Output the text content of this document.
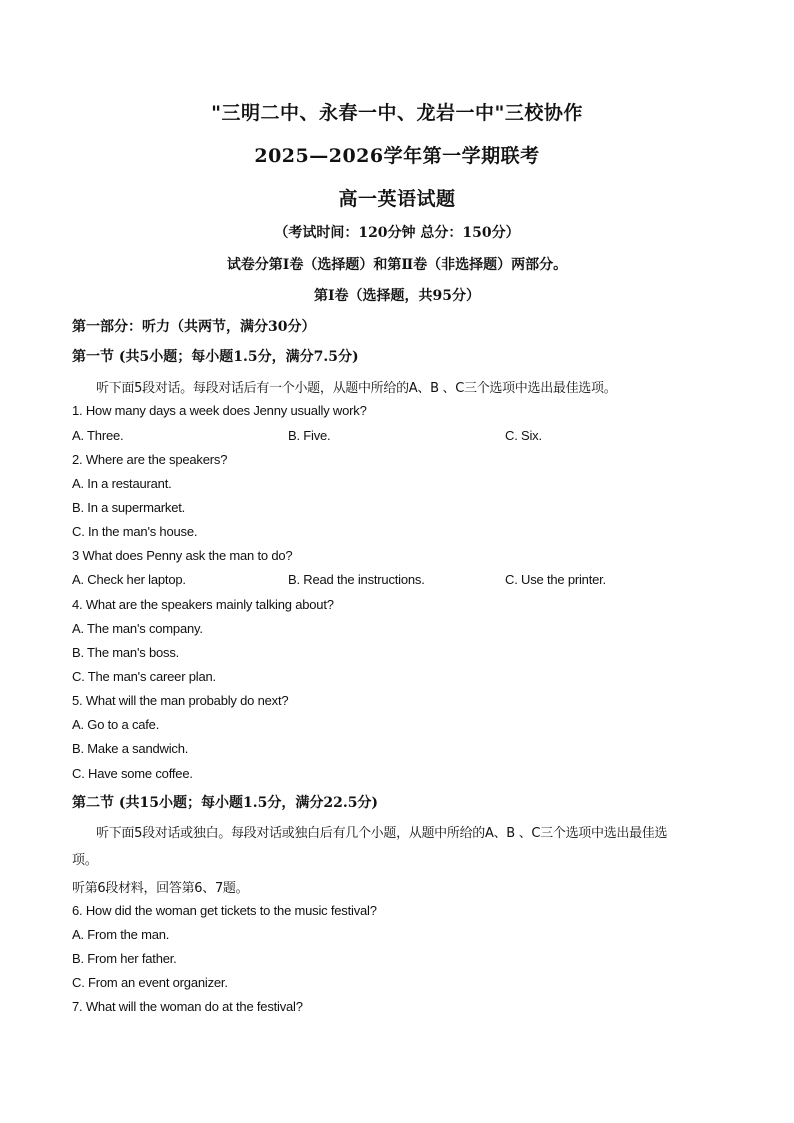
"三明二中、永春一中、龙岩一中"三校协作
2025—2026学年第一学期联考
高一英语试题
（考试时间：120分钟 总分：150分）
试卷分第Ⅰ卷（选择题）和第Ⅱ卷（非选择题）两部分。
第Ⅰ卷（选择题，共95分）
第一部分：听力（共两节，满分30分）
第一节 (共5小题；每小题1.5分，满分7.5分)
听下面5段对话。每段对话后有一个小题，从题中所给的A、B 、C三个选项中选出最佳选项。
1. How many days a week does Jenny usually work?
A. Three.	B. Five.	C. Six.
2. Where are the speakers?
A. In a restaurant.
B. In a supermarket.
C. In the man's house.
3 What does Penny ask the man to do?
A. Check her laptop.	B. Read the instructions.	C. Use the printer.
4. What are the speakers mainly talking about?
A. The man's company.
B. The man's boss.
C. The man's career plan.
5. What will the man probably do next?
A. Go to a cafe.
B. Make a sandwich.
C. Have some coffee.
第二节 (共15小题；每小题1.5分，满分22.5分)
听下面5段对话或独白。每段对话或独白后有几个小题，从题中所给的A、B 、C三个选项中选出最佳选
项。
听第6段材料，回答第6、7题。
6. How did the woman get tickets to the music festival?
A. From the man.
B. From her father.
C. From an event organizer.
7. What will the woman do at the festival?
